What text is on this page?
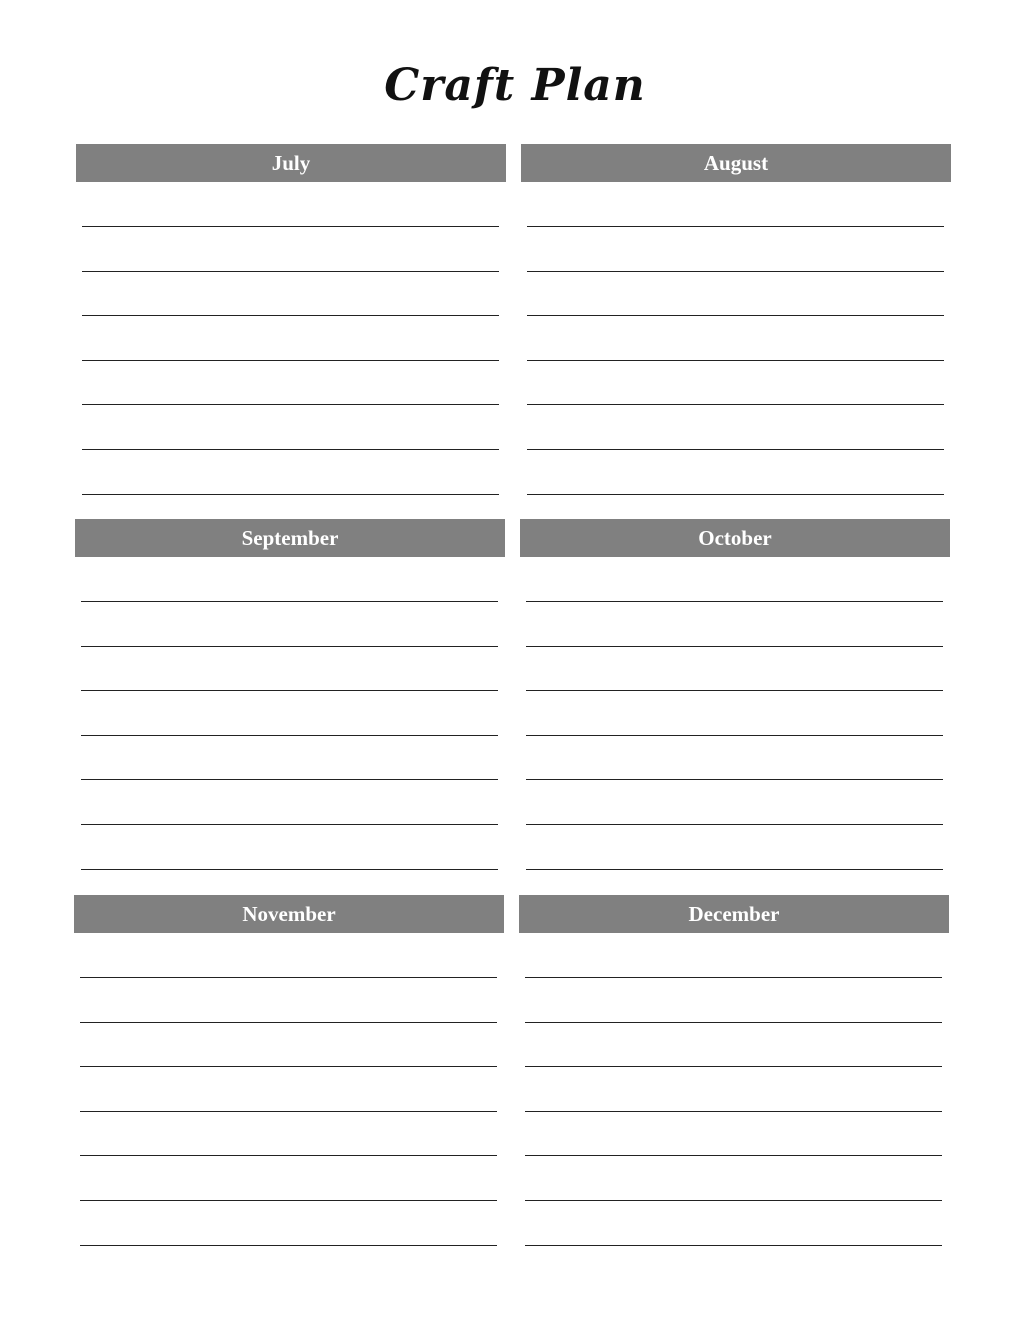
Craft Plan
July	August
September	October
November	December
